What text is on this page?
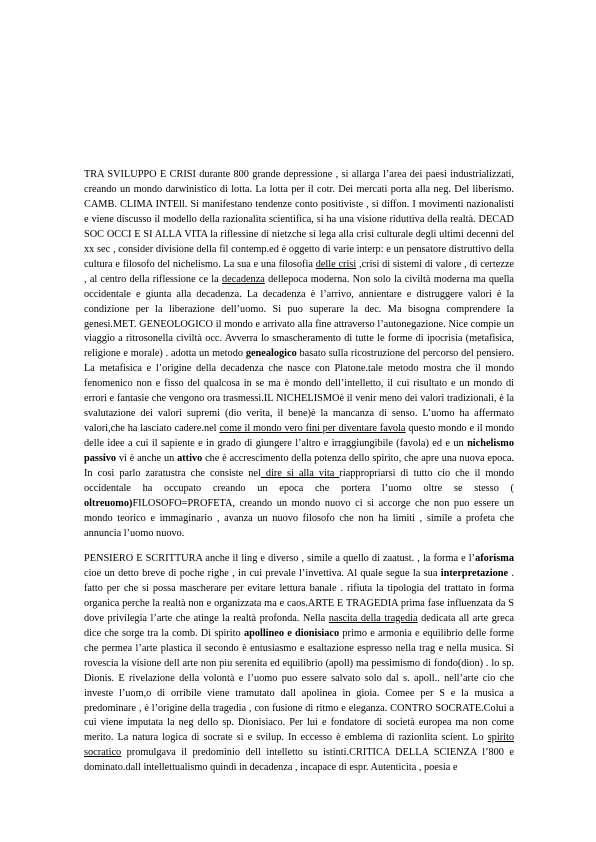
TRA SVILUPPO E CRISI durante 800 grande depressione , si allarga l’area dei paesi industrializzati, creando un mondo darwinistico di lotta. La lotta per il cotr. Dei mercati porta alla neg. Del liberismo. CAMB. CLIMA INTEll. Si manifestano tendenze conto positiviste , si diffon. I movimenti nazionalisti e viene discusso il modello della razionalita scientifica, si ha una visione riduttiva della realtà. DECAD SOC OCCI E SI ALLA VITA la riflessine di nietzche si lega alla crisi culturale degli ultimi decenni del xx sec , consider divisione della fil contemp.ed è oggetto di varie interp: e un pensatore distruttivo della cultura e filosofo del nichelismo. La sua e una filosofia delle crisi ,crisi di sistemi di valore , di certezze , al centro della riflessione ce la decadenza dellepoca moderna. Non solo la civiltà moderna ma quella occidentale e giunta alla decadenza. La decadenza è l’arrivo, annientare e distruggere valori è la condizione per la liberazione dell’uomo. Si puo superare la dec. Ma bisogna comprendere la genesi.MET. GENEOLOGICO il mondo e arrivato alla fine attraverso l’autonegazione. Nice compie un viaggio a ritrosonella civiltà occ. Avverra lo smascheramento di tutte le forme di ipocrisia (metafisica, religione e morale) . adotta un metodo genealogico basato sulla ricostruzione del percorso del pensiero. La metafisica e l’origine della decadenza che nasce con Platone.tale metodo mostra che il mondo fenomenico non e fisso del qualcosa in se ma è mondo dell’intelletto, il cui risultato e un mondo di errori e fantasie che vengono ora trasmessi.IL NICHELISMOè il venir meno dei valori tradizionali, è la svalutazione dei valori supremi (dio verita, il bene)è la mancanza di senso. L’uomo ha affermato valori,che ha lasciato cadere.nel come il mondo vero fini per diventare favola questo mondo e il mondo delle idee a cui il sapiente e in grado di giungere l’altro e irraggiungibile (favola) ed e un nichelismo passivo vi è anche un attivo che è accrescimento della potenza dello spirito, che apre una nuova epoca. In cosi parlo zaratustra che consiste nel dire si alla vita riappropriarsi di tutto cio che il mondo occidentale ha occupato creando un epoca che portera l’uomo oltre se stesso ( oltreuomo)FILOSOFO=PROFETA, creando un mondo nuovo ci si accorge che non puo essere un mondo teorico e immaginario , avanza un nuovo filosofo che non ha limiti , simile a profeta che annuncia l’uomo nuovo.

PENSIERO E SCRITTURA anche il ling e diverso , simile a quello di zaatust. , la forma e l’aforisma cioe un detto breve di poche righe , in cui prevale l’invettiva. Al quale segue la sua interpretazione . fatto per che si possa mascherare per evitare lettura banale . rifiuta la tipologia del trattato in forma organica perche la realtà non e organizzata ma e caos.ARTE E TRAGEDIA prima fase influenzata da S dove privilegia l’arte che atinge la realtà profonda. Nella nascita della tragedia dedicata all arte greca dice che sorge tra la comb. Di spirito apollineo e dionisiaco primo e armonia e equilibrio delle forme che permea l’arte plastica il secondo è entusiasmo e esaltazione espresso nella trag e nella musica. Si rovescia la visione dell arte non piu serenita ed equilibrio (apoll) ma pessimismo di fondo(dion) . lo sp. Dionis. E rivelazione della volontà e l’uomo puo essere salvato solo dal s. apoll.. nell’arte cio che investe l’uom,o di orribile viene tramutato dall apolinea in gioia. Comee per S e la musica a predominare , è l’origine della tragedia , con fusione di ritmo e eleganza. CONTRO SOCRATE.Colui a cui viene imputata la neg dello sp. Dionisiaco. Per lui e fondatore di società europea ma non come merito. La natura logica di socrate si e svilup. In eccesso è emblema di razionlita scient. Lo spirito socratico promulgava il predominio dell intelletto su istinti.CRITICA DELLA SCIENZA l’800 e dominato.dall intellettualismo quindi in decadenza , incapace di espr. Autenticita , poesia e
